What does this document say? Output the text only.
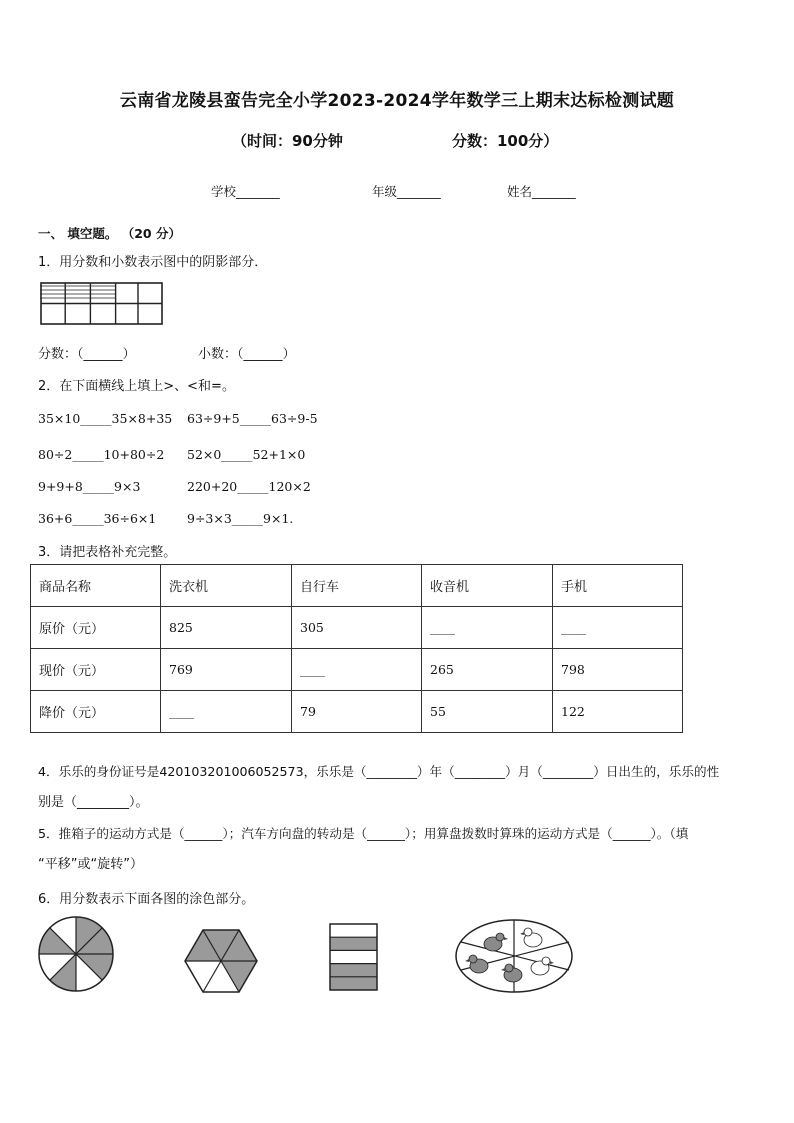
云南省龙陵县蛮告完全小学2023-2024学年数学三上期末达标检测试题
（时间：90分钟	分数：100分）
学校_______	年级_______	姓名_______
一、 填空题。 （20 分）
1．用分数和小数表示图中的阴影部分．
分数：（______）	小数：（______）
2．在下面横线上填上>、<和=。
35×10_____35×8+35 63÷9+5_____63÷9-5
80÷2_____10+80÷2 52×0_____52+1×0
9+9+8_____9×3	220+20_____120×2
36+6_____36÷6×1 9÷3×3_____9×1.
3．请把表格补充完整。
商品名称	洗衣机	自行车	收音机	手机
原价（元）	825	305	____	____
现价（元）	769	____	265	798
降价（元）	____	79	55	122
4．乐乐的身份证号是420103201006052573，乐乐是（________）年（________）月（________）日出生的，乐乐的性
别是（________）。
5．推箱子的运动方式是（______）；汽车方向盘的转动是（______）；用算盘拨数时算珠的运动方式是（______）。（填
“平移”或“旋转”）
6．用分数表示下面各图的涂色部分。
